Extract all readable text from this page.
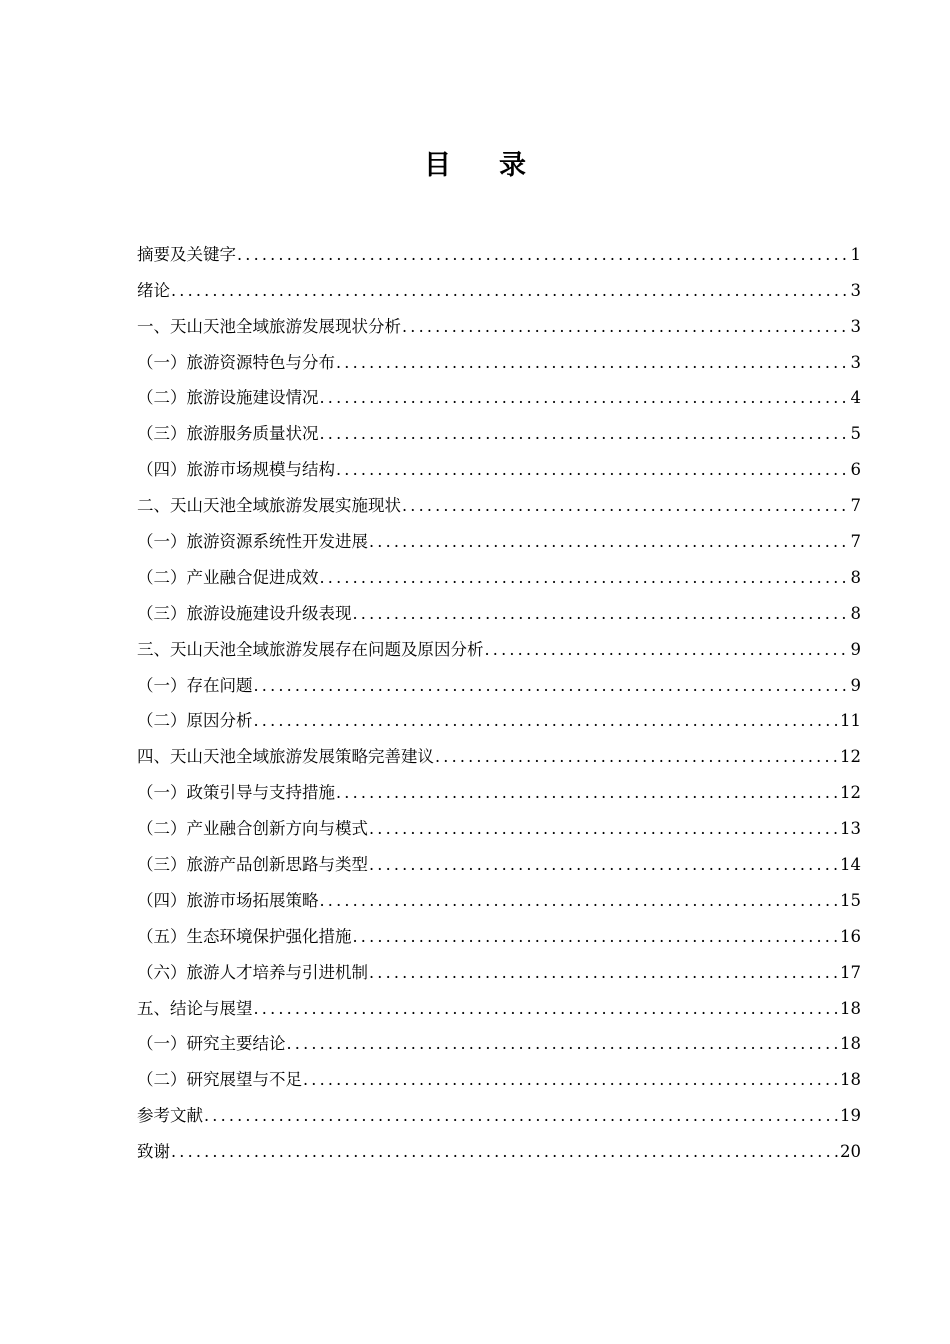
目 录
摘要及关键字 .....	1
绪论 .....	3
一、天山天池全域旅游发展现状分析 .....	3
（一）旅游资源特色与分布 .....	3
（二）旅游设施建设情况 .....	4
（三）旅游服务质量状况 .....	5
（四）旅游市场规模与结构 .....	6
二、天山天池全域旅游发展实施现状 .....	7
（一）旅游资源系统性开发进展 .....	7
（二）产业融合促进成效 .....	8
（三）旅游设施建设升级表现 .....	8
三、天山天池全域旅游发展存在问题及原因分析 .....	9
（一）存在问题 .....	9
（二）原因分析 .....	11
四、天山天池全域旅游发展策略完善建议 .....	12
（一）政策引导与支持措施 .....	12
（二）产业融合创新方向与模式 .....	13
（三）旅游产品创新思路与类型 .....	14
（四）旅游市场拓展策略 .....	15
（五）生态环境保护强化措施 .....	16
（六）旅游人才培养与引进机制 .....	17
五、结论与展望 .....	18
（一）研究主要结论 .....	18
（二）研究展望与不足 .....	18
参考文献 .....	19
致谢 .....	20
